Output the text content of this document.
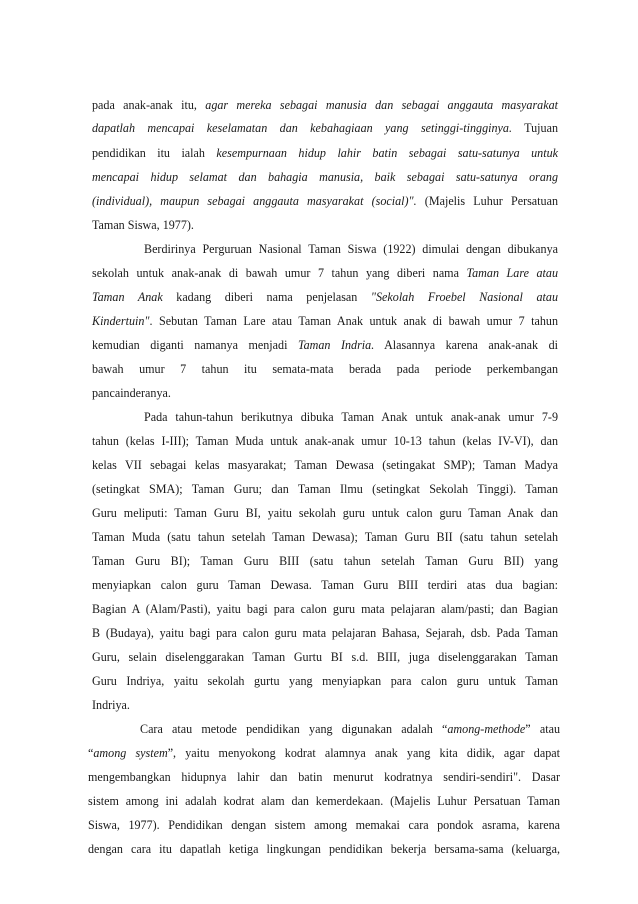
pada anak-anak itu, agar mereka sebagai manusia dan sebagai anggauta masyarakat
dapatlah mencapai keselamatan dan kebahagiaan yang setinggi-tingginya. Tujuan
pendidikan itu ialah kesempurnaan hidup lahir batin sebagai satu-satunya untuk
mencapai hidup selamat dan bahagia manusia, baik sebagai satu-satunya orang
(individual), maupun sebagai anggauta masyarakat (social)". (Majelis Luhur Persatuan
Taman Siswa, 1977).
Berdirinya Perguruan Nasional Taman Siswa (1922) dimulai dengan dibukanya
sekolah untuk anak-anak di bawah umur 7 tahun yang diberi nama Taman Lare atau
Taman Anak kadang diberi nama penjelasan "Sekolah Froebel Nasional atau
Kindertuin". Sebutan Taman Lare atau Taman Anak untuk anak di bawah umur 7 tahun
kemudian diganti namanya menjadi Taman Indria. Alasannya karena anak-anak di
bawah umur 7 tahun itu semata-mata berada pada periode perkembangan
pancainderanya.
Pada tahun-tahun berikutnya dibuka Taman Anak untuk anak-anak umur 7-9
tahun (kelas I-III); Taman Muda untuk anak-anak umur 10-13 tahun (kelas IV-VI), dan
kelas VII sebagai kelas masyarakat; Taman Dewasa (setingakat SMP); Taman Madya
(setingkat SMA); Taman Guru; dan Taman Ilmu (setingkat Sekolah Tinggi). Taman
Guru meliputi: Taman Guru BI, yaitu sekolah guru untuk calon guru Taman Anak dan
Taman Muda (satu tahun setelah Taman Dewasa); Taman Guru BII (satu tahun setelah
Taman Guru BI); Taman Guru BIII (satu tahun setelah Taman Guru BII) yang
menyiapkan calon guru Taman Dewasa. Taman Guru BIII terdiri atas dua bagian:
Bagian A (Alam/Pasti), yaitu bagi para calon guru mata pelajaran alam/pasti; dan Bagian
B (Budaya), yaitu bagi para calon guru mata pelajaran Bahasa, Sejarah, dsb. Pada Taman
Guru, selain diselenggarakan Taman Gurtu BI s.d. BIII, juga diselenggarakan Taman
Guru Indriya, yaitu sekolah gurtu yang menyiapkan para calon guru untuk Taman
Indriya.
Cara atau metode pendidikan yang digunakan adalah “among-methode” atau
“among system”, yaitu menyokong kodrat alamnya anak yang kita didik, agar dapat
mengembangkan hidupnya lahir dan batin menurut kodratnya sendiri-sendiri". Dasar
sistem among ini adalah kodrat alam dan kemerdekaan. (Majelis Luhur Persatuan Taman
Siswa, 1977). Pendidikan dengan sistem among memakai cara pondok asrama, karena
dengan cara itu dapatlah ketiga lingkungan pendidikan bekerja bersama-sama (keluarga,
